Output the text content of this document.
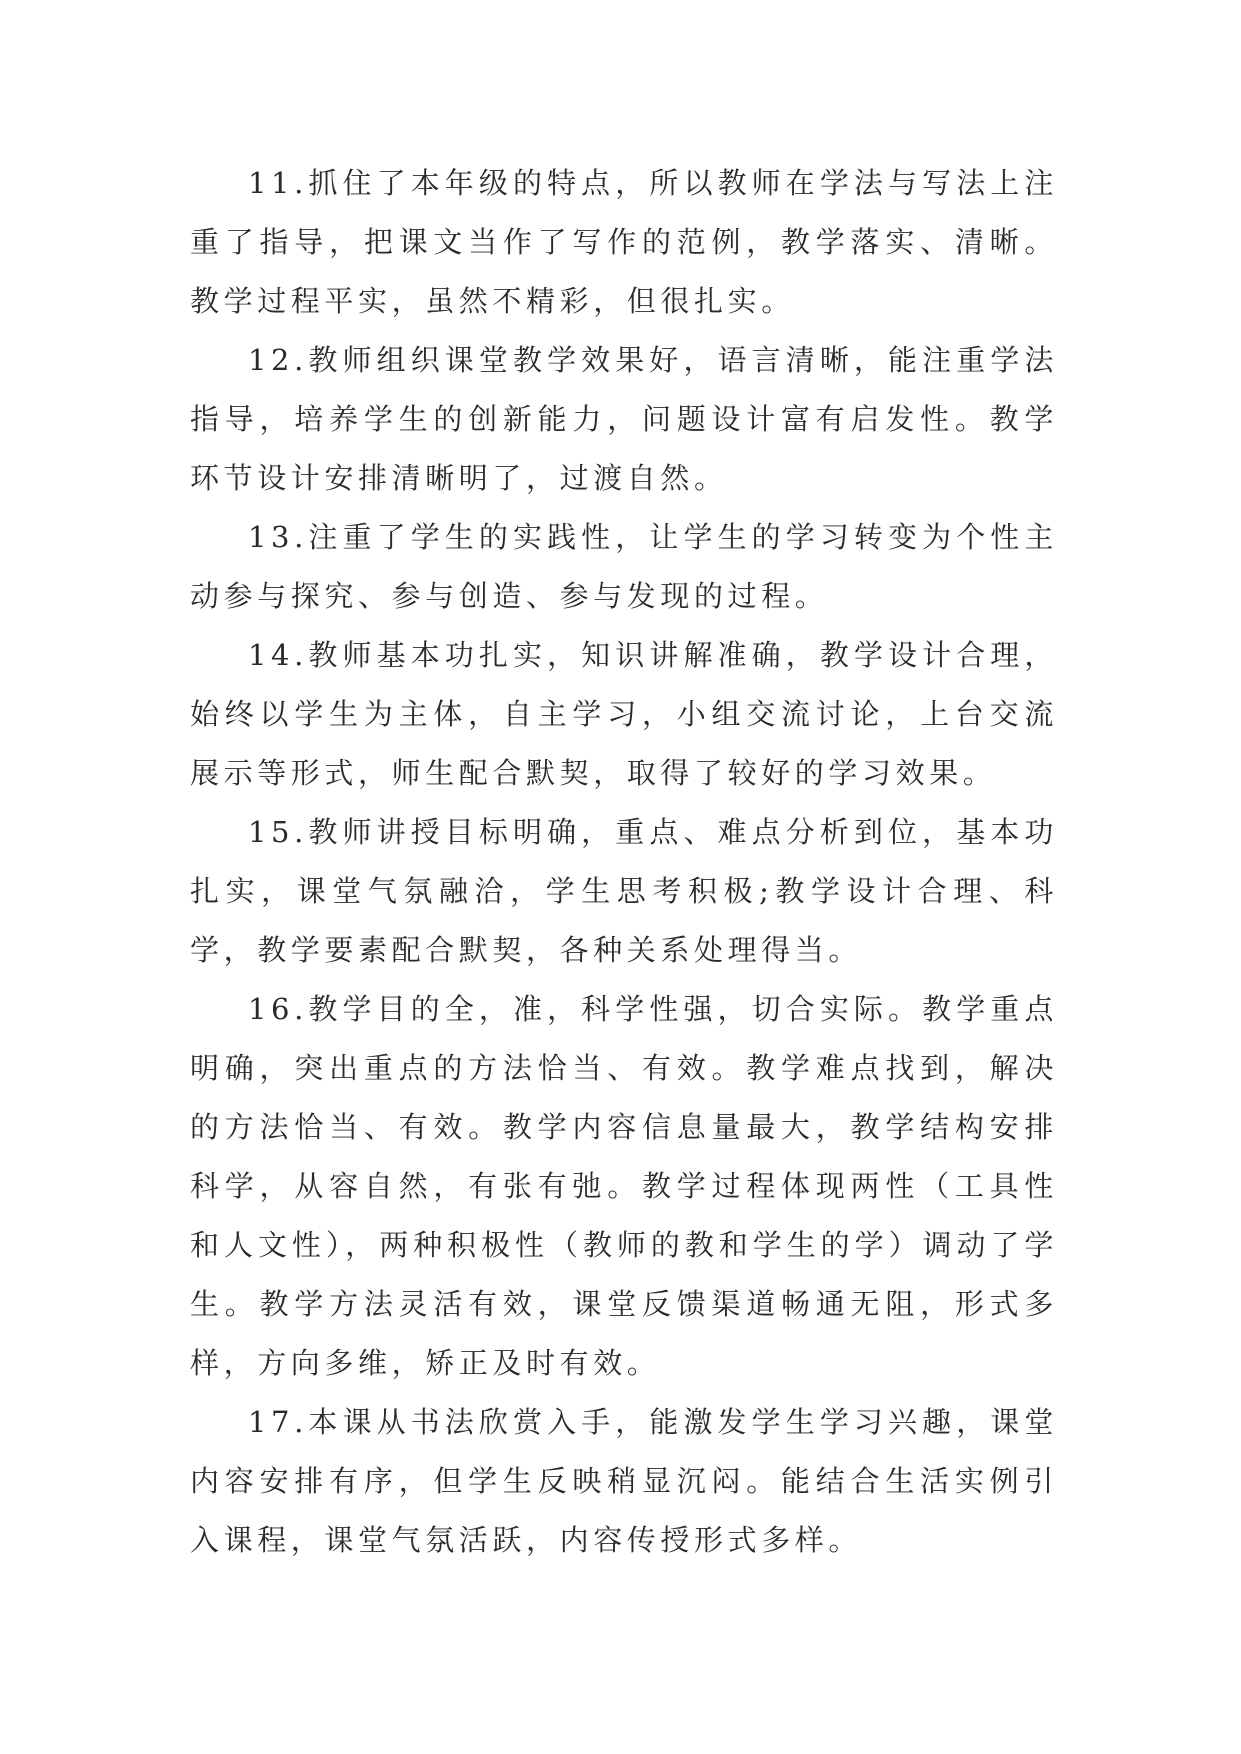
11.抓住了本年级的特点，所以教师在学法与写法上注重了指导，把课文当作了写作的范例，教学落实、清晰。教学过程平实，虽然不精彩，但很扎实。

12.教师组织课堂教学效果好，语言清晰，能注重学法指导，培养学生的创新能力，问题设计富有启发性。教学环节设计安排清晰明了，过渡自然。

13.注重了学生的实践性，让学生的学习转变为个性主动参与探究、参与创造、参与发现的过程。

14.教师基本功扎实，知识讲解准确，教学设计合理，始终以学生为主体，自主学习，小组交流讨论，上台交流展示等形式，师生配合默契，取得了较好的学习效果。

15.教师讲授目标明确，重点、难点分析到位，基本功扎实，课堂气氛融洽，学生思考积极;教学设计合理、科学，教学要素配合默契，各种关系处理得当。

16.教学目的全，准，科学性强，切合实际。教学重点明确，突出重点的方法恰当、有效。教学难点找到，解决的方法恰当、有效。教学内容信息量最大，教学结构安排科学，从容自然，有张有弛。教学过程体现两性（工具性和人文性），两种积极性（教师的教和学生的学）调动了学生。教学方法灵活有效，课堂反馈渠道畅通无阻，形式多样，方向多维，矫正及时有效。

17.本课从书法欣赏入手，能激发学生学习兴趣，课堂内容安排有序，但学生反映稍显沉闷。能结合生活实例引入课程，课堂气氛活跃，内容传授形式多样。
